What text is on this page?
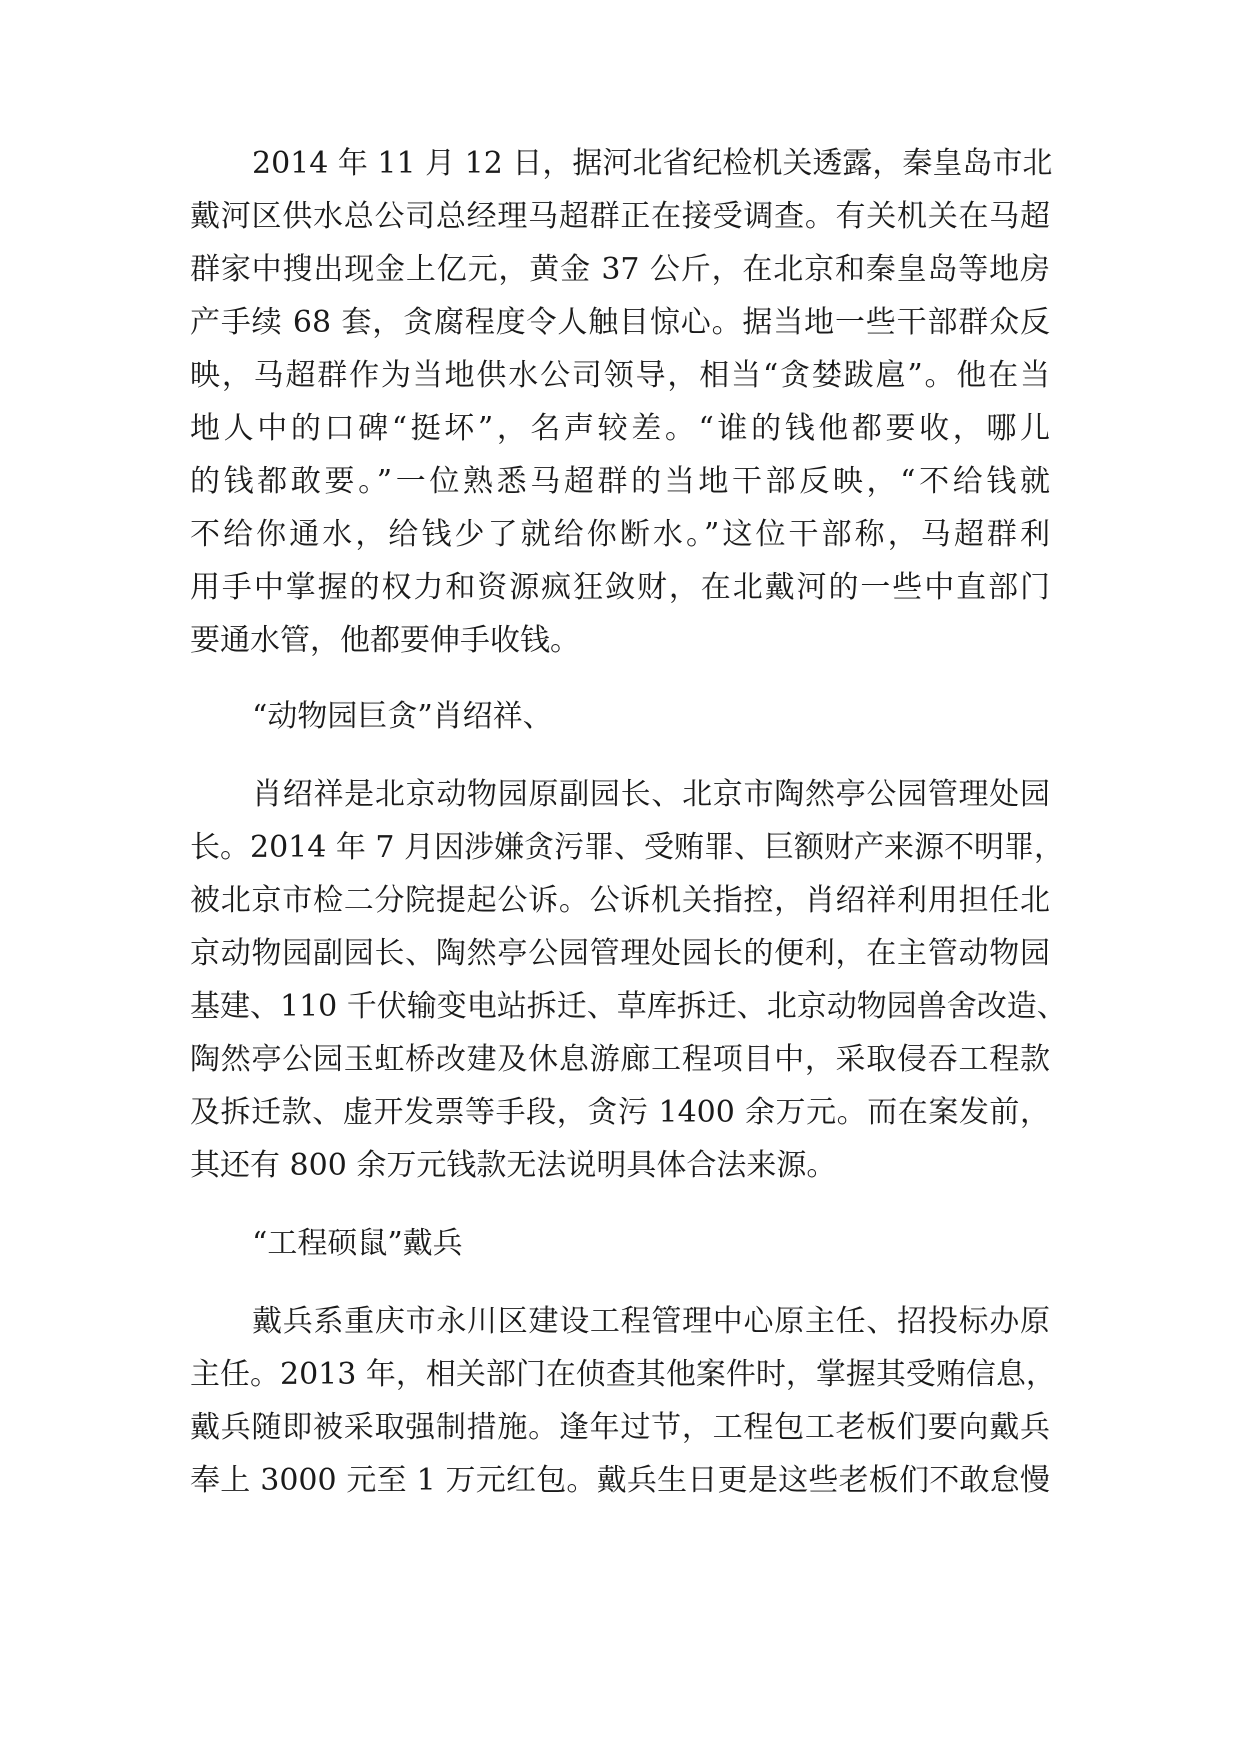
2014 年 11 月 12 日，据河北省纪检机关透露，秦皇岛市北
戴河区供水总公司总经理马超群正在接受调查。有关机关在马超
群家中搜出现金上亿元，黄金 37 公斤，在北京和秦皇岛等地房
产手续 68 套，贪腐程度令人触目惊心。据当地一些干部群众反
映，马超群作为当地供水公司领导，相当“贪婪跋扈”。他在当
地人中的口碑“挺坏”，名声较差。“谁的钱他都要收，哪儿
的钱都敢要。”一位熟悉马超群的当地干部反映，“不给钱就
不给你通水，给钱少了就给你断水。”这位干部称，马超群利
用手中掌握的权力和资源疯狂敛财，在北戴河的一些中直部门
要通水管，他都要伸手收钱。
“动物园巨贪”肖绍祥、
肖绍祥是北京动物园原副园长、北京市陶然亭公园管理处园
长。2014 年 7 月因涉嫌贪污罪、受贿罪、巨额财产来源不明罪，
被北京市检二分院提起公诉。公诉机关指控，肖绍祥利用担任北
京动物园副园长、陶然亭公园管理处园长的便利，在主管动物园
基建、110 千伏输变电站拆迁、草库拆迁、北京动物园兽舍改造、
陶然亭公园玉虹桥改建及休息游廊工程项目中，采取侵吞工程款
及拆迁款、虚开发票等手段，贪污 1400 余万元。而在案发前，
其还有 800 余万元钱款无法说明具体合法来源。
“工程硕鼠”戴兵
戴兵系重庆市永川区建设工程管理中心原主任、招投标办原
主任。2013 年，相关部门在侦查其他案件时，掌握其受贿信息，
戴兵随即被采取强制措施。逢年过节，工程包工老板们要向戴兵
奉上 3000 元至 1 万元红包。戴兵生日更是这些老板们不敢怠慢
